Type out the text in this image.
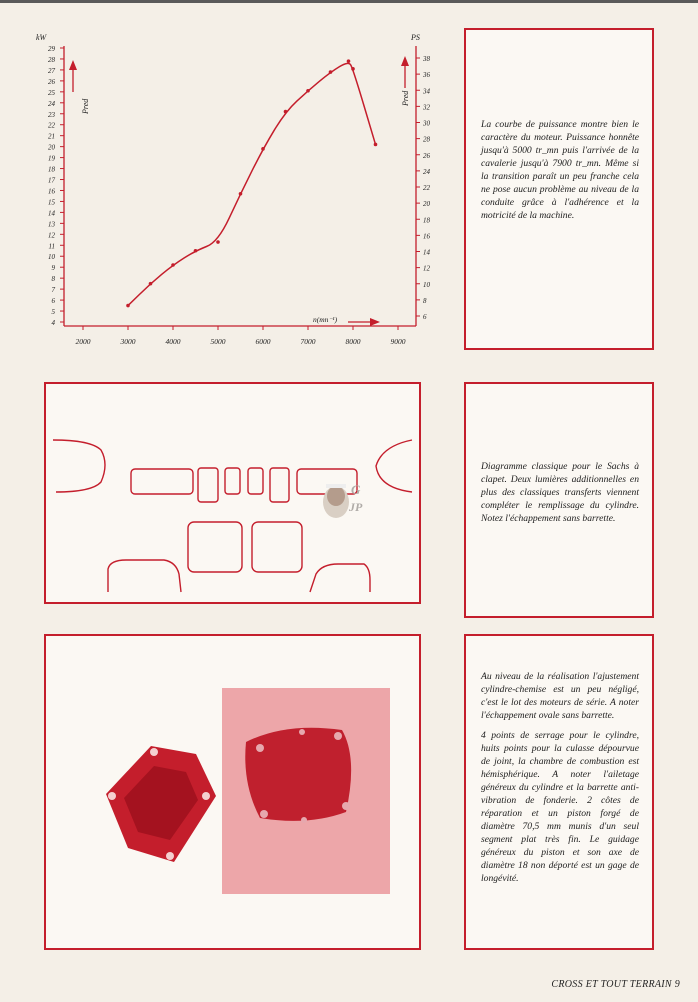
kW	PS
4
5
6
7
8
9
10
11
12
13
14
15
16
17
18
19
20
21
22
23
24
25
26
27
28
29
6
8
10
12
14
16
18
20
22
24
26
28
30
32
34
36
38
2000	3000	4000	5000	6000	7000	8000	9000
Pred
Pred
n(mn⁻¹)
La courbe de puissance montre bien le caractère du moteur. Puissance honnête jusqu'à 5000 tr_mn puis l'arrivée de la cavalerie jusqu'à 7900 tr_mn. Même si la transition paraît un peu franche cela ne pose aucun problème au niveau de la conduite grâce à l'adhérence et la motricité de la machine.
G
JP
Diagramme classique pour le Sachs à clapet. Deux lumières additionnelles en plus des classiques transferts viennent compléter le remplissage du cylindre. Notez l'échappement sans barrette.

Au niveau de la réalisation l'ajustement cylindre-chemise est un peu négligé, c'est le lot des moteurs de série. A noter l'échappement ovale sans barrette.

4 points de serrage pour le cylindre, huits points pour la culasse dépourvue de joint, la chambre de combustion est hémisphérique. A noter l'ailetage généreux du cylindre et la barrette anti-vibration de fonderie. 2 côtes de réparation et un piston forgé de diamètre 70,5 mm munis d'un seul segment plat très fin. Le guidage généreux du piston et son axe de diamètre 18 non déporté est un gage de longévité.

CROSS ET TOUT TERRAIN 9
